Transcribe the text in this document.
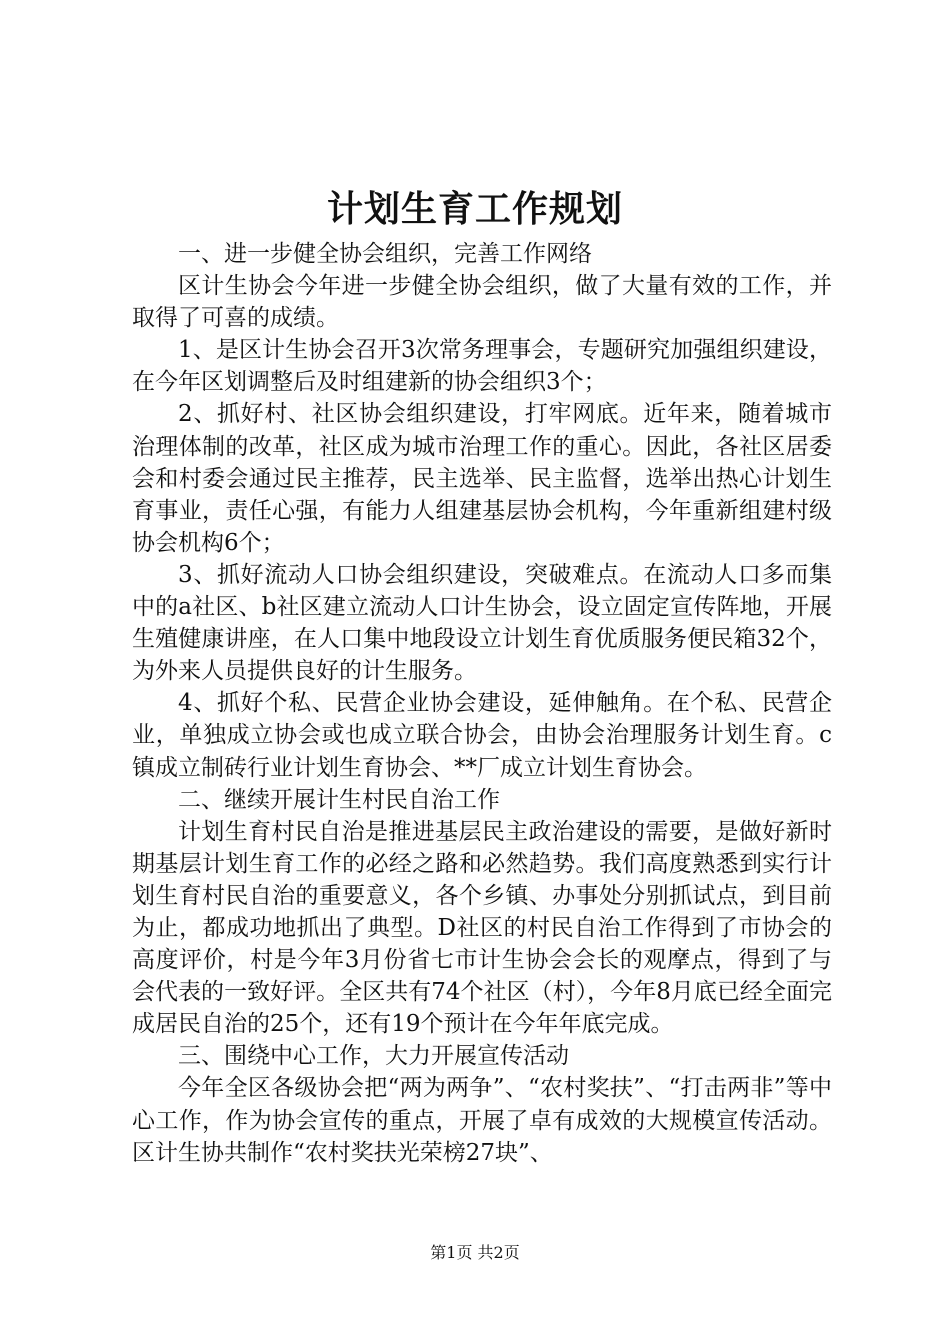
计划生育工作规划

一、进一步健全协会组织，完善工作网络

区计生协会今年进一步健全协会组织，做了大量有效的工作，并取得了可喜的成绩。

1、是区计生协会召开3次常务理事会，专题研究加强组织建设，在今年区划调整后及时组建新的协会组织3个；

2、抓好村、社区协会组织建设，打牢网底。近年来，随着城市治理体制的改革，社区成为城市治理工作的重心。因此，各社区居委会和村委会通过民主推荐，民主选举、民主监督，选举出热心计划生育事业，责任心强，有能力人组建基层协会机构，今年重新组建村级协会机构6个；

3、抓好流动人口协会组织建设，突破难点。在流动人口多而集中的a社区、b社区建立流动人口计生协会，设立固定宣传阵地，开展生殖健康讲座，在人口集中地段设立计划生育优质服务便民箱32个，为外来人员提供良好的计生服务。

4、抓好个私、民营企业协会建设，延伸触角。在个私、民营企业，单独成立协会或也成立联合协会，由协会治理服务计划生育。c镇成立制砖行业计划生育协会、**厂成立计划生育协会。

二、继续开展计生村民自治工作

计划生育村民自治是推进基层民主政治建设的需要，是做好新时期基层计划生育工作的必经之路和必然趋势。我们高度熟悉到实行计划生育村民自治的重要意义，各个乡镇、办事处分别抓试点，到目前为止，都成功地抓出了典型。D社区的村民自治工作得到了市协会的高度评价，村是今年3月份省七市计生协会会长的观摩点，得到了与会代表的一致好评。全区共有74个社区（村），今年8月底已经全面完成居民自治的25个，还有19个预计在今年年底完成。

三、围绕中心工作，大力开展宣传活动

今年全区各级协会把“两为两争”、“农村奖扶”、“打击两非”等中心工作，作为协会宣传的重点，开展了卓有成效的大规模宣传活动。区计生协共制作“农村奖扶光荣榜27块”、

第1页 共2页
